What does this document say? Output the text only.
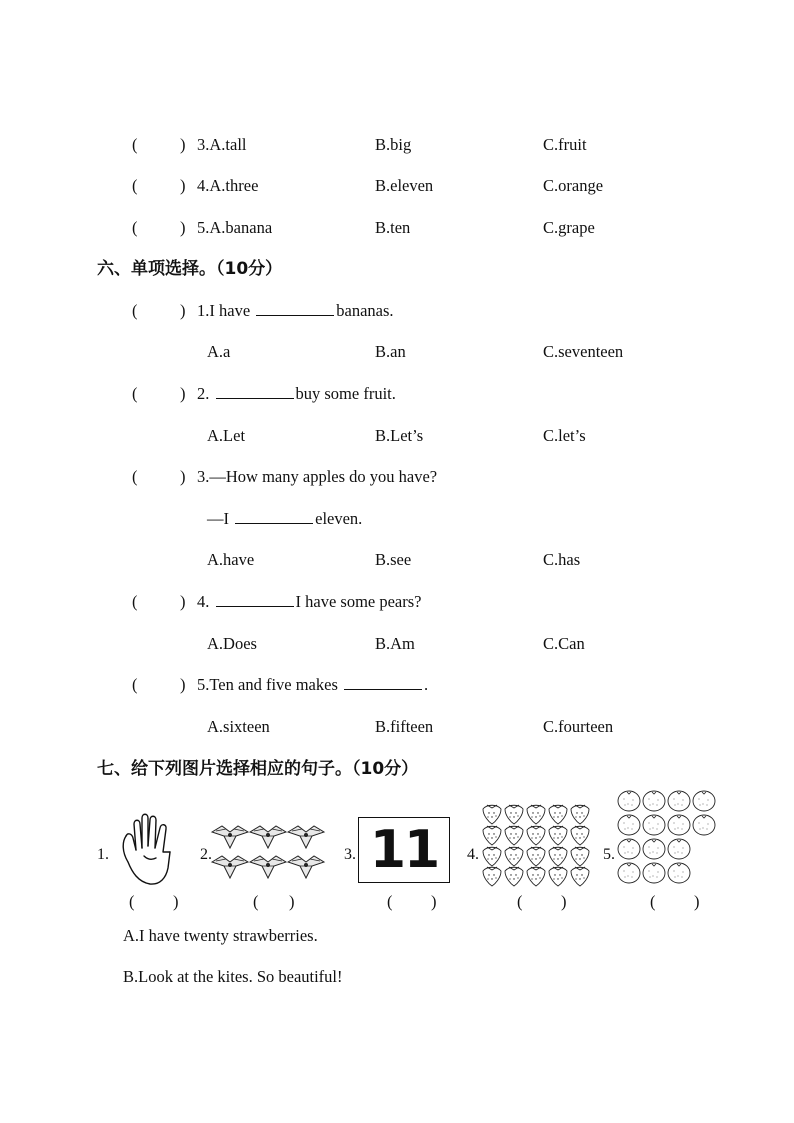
(	) 3.A.tall	B.big	C.fruit
(	) 4.A.three	B.eleven	C.orange
(	) 5.A.banana	B.ten	C.grape
六、单项选择。（10分）
(	) 1.I have	bananas.
A.a	B.an	C.seventeen
(	) 2.	buy some fruit.
A.Let	B.Let’s	C.let’s
(	) 3.—How many apples do you have?
—I	eleven.
A.have	B.see	C.has
(	) 4.	I have some pears?
A.Does	B.Am	C.Can
(	) 5.Ten and five makes	.
A.sixteen	B.fifteen	C.fourteen
七、给下列图片选择相应的句子。（10分）
1.
( )
2.
( )
3. 11
( )
4.
( )
5.
( )
A.I have twenty strawberries.
B.Look at the kites. So beautiful!
